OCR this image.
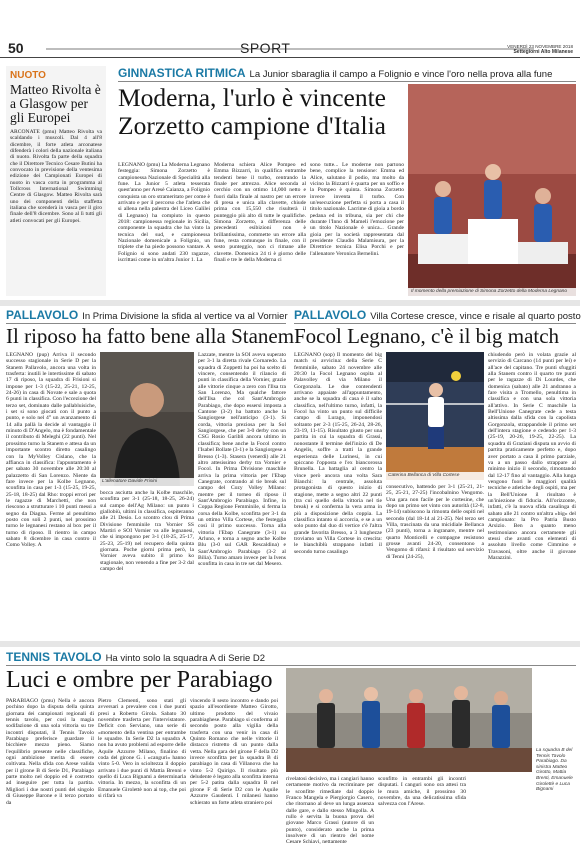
50	SPORT	VENERDÌ 23 NOVEMBRE 2018
Settegiorni Alto Milanese
NUOTO
Matteo Rivolta è a Glasgow per gli Europei
ARCONATE (pmu) Matteo Rivolta va scaldando i muscoli. Dal 4 all'8 dicembre, il forte atleta arconatese difenderà i colori della nazionale italiana di nuoto. Rivolta fa parte della squadra che il Direttore Tecnico Cesare Butini ha convocato in previsione della ventesima edizione dei Campionati Europei di nuoto in vasca corta in programma al Tollcross International Swimming Centre di Glasgow. Matteo Rivolta sarà uno dei componenti della staffetta italiana che scenderà in vasca per il giro finale dell'8 dicembre. Sono al lì tutti gli atleti convocati per gli Europei.
GINNASTICA RITMICA La Junior sbaraglia il campo a Folignio e vince l'oro nella prova alla fune
Moderna, l'urlo è vincente
Zorzetto campione d'Italia
LEGNANO (pmu) La Moderna Legnano festeggia: Simona Zorzetto è campionessa Nazionale di Specialità alla fune. La Junior 5 atleta tesserata quest'anno per Aresè Caianza, a Folignio conquista un oro strameritato per come è arrivato e per il percorso che l'atleta che si allena nella palestra del Liceo Galilei di Legnano) ha compiuto in questo 2018: campionessa regionale in Sicilia, componente la squadra che ha vinto la tecnica del sud, e campionessa Nazionale domenicale a Folignio, un triplete che ha piedo possono vantare. A Folignio si sono andati 230 ragazze, iscrittasi come in un'altra Junior 1. La
Moderna schiera Alice Pompeo ed Emma Bizzarri, in qualifica entrambe tendenti bene il turbo, centrando la finale per attrezzo. Alice seconda al cerchio con un ottimo 14,000 netto e fuori dalla finale al nastro per un errore di presa e unica alla clavette, chiude prima con 15,550 che risulterà il punteggio più alto di tutte le qualifiche. Simona Zorzetto, a differenza delle precedenti esibizioni non è brillantissima, commette un errore alla fune, resta comunque in finale, con il sesto punteggio, non ci rimane alle clavette. Domenica 24 ti è giorno delle finali e tre le della Moderna ci
sono tutte... Le moderne non partono bene, complice la tensione: Emma ed Alice, salutano il podio, ma molto da vicino la Bizzarri è quarta per un soffio e la Pompeo è quinta. Simona Zorzetto invece inventa il turbo. Con un'esecuzione perfetta si porta a casa il titolo nazionale. Lacrime di gioia a bordo pedana ed in tribuna, sia per chi che durante l'Inno di Mameli l'emozione per un titolo Nazionale è unica... Grande gioia per la società rappresentata dal presidente Claudio Malamisura, per la Direttrice tecnica Elisa Porchi e per l'allenatore Veronica Bernelini.
Il momento della premiazione di Simona Zorzetto della Moderna Legnano
PALLAVOLO In Prima Divisione la sfida al vertice va al Vornier
Il riposo ha fatto bene alla Stanem
LEGNANO (pup) Arriva il secondo successo stagionale in Serie D per la Stanem Pallavolo, ancora una volta in trasferta: inutili le intertissime di sabato 17 di riposo, la squadra di Frisioni si impone per 1-3 (15-22, 25-21, 12-25, 24-26) in casa di Novate e sale a quota 6 punti in classifica. Con l'eccezione del terzo set, dominato dalle pallabluisiche, i set si sono giocati con il punto a punto, e solo nel 4° un avanzamento di 14 alla pallà la decide al vantaggio il minuto di D'Angelo, ma è fondamentale il contributo di Meleghi (22 punti). Nel prossimo turno la Stanem e attesa da un importante scontro diretto casalingo con la MyVolley Cislano, che la affianca in classifica: l'appuntamento è per sabato 30 novembre alle 20:30 al palazzetto di San Lorenzo. Niente da fare invece per la Kolbe Legnano, sconfitta in casa per 1-3 (15-25, 19-25, 25-18, 18-25) dal Rho: troppi errori per le ragazze di Marchetti, che non riescono a strutturare i 10 punti messi a segno da Diagna. Ferme al penultimo posto con soli 2 punti, nel prossimo turno le legnanesi restano al box per il turno di riposo. Il rientro in campo sabato 8 dicembre in casa contro il Como Volley. A
L'allenatore Davide Frisini
bocca asciutta anche la Kolbe maschile, sconfitta per 3-1 (25-18, 18-25, 26-24) sul campo dell'Ag Milano: un punto i giallobiù, ultimi in classifica, ospiteranno alle 21 Desio. Lo scontro clou di Prima Divisione femminile tra Vornier SS Martiri e SOI Vornier va alle legnanesi, che si impongono per 3-1 (18-25, 25-17, 25-23, 25-19) nel recupero della quinta giornata. Poche giorni prima però, la Vornier aveva subito il primo ko stagionale, non venendo a fine per 3-2 dal campo del
Lazzate, mentre la SOI aveva superato per 3-1 la diretta rivale Cornaredo. La squadra di Zoppetti ha poi ha scelto di vincere, consentendo il rilancio di punti in classifica della Vornier, grazie alle vittorie cinque a zero con l'Ilsa tra San Lorenzo, Ma qualche fattore dell'Ilsa che col Sant'Ambrogio Parabiago, che dopo essersi imposta a Cantone (3-2) ha battuto anche la Sangiorgese nell'anticipo (3-1). Si corda, vittoria preziosa per la Sol Sangiorgese, che per 3-0 derby con un CSG Rosio Garibli ancora ultimo in classifica; bene anche la Focol contro l'Isabel Bollate (3-1) e la Sangiorgese a Bresso (1-3). Stasera (venerdì) alle 21 altro attesissimo derby tra Vornier e Focol. In Prima Divisione maschile arriva la prima vittoria per l'Ebap Canegrate, contrando al tie break sul campo del Cozy Volley Milano: mentre per il torneo di riposo il Sant'Ambrogio Parabiago. Infine, in Coppa Regione Femminile, si ferma la corsa della Kolbe, sconfitta per 3-1 da un ottimo Villa Cortese, che festeggia così il primo successo. Torna alla vittoria l'Ebap Canegrate (3-1) su Arluno, e torna a segno anche Kolbe Blu (3-0 sul GAR Rescaldina) e Sant'Ambrogio Parabiago (3-2 al Bilia). Turno amaro invece per la Ivens sconfitta in casa in tre set dal Mesero.
PALLAVOLO Villa Cortese cresce, vince e risale al quarto posto
Focol Legnano, c'è il big match
LEGNANO (sop) Il momento del big match si avvicina: della Serie C femminile, sabato 24 novembre alle 20:30 la Focol Legnano ospita al Palavolley di via Milano il Gorgonzola. Le due contendenti arrivano appaiate all'appuntamento, anche se la squadra di casa è il salto classifica, nell'ultimo turno, infatti, la Focol ha vinto un punto sul difficile campo di Lurago, imponendosi soltanto per 2-3 (15-25, 26-24, 28-26, 23-19, 11-15). Risultato giusto per una partita in cui la squadra di Grassi, nonostante il termine dell'inizio di De Angelis, soffre a tratti la grande esperienza delle Lurinesi, in cui spiccano l'opposta e l'ex biancorossa Brunella. La battaglia al centro la vince però ancora una volta Sara Bianchi: la centrale, assoluta protagonista di questo inizio di stagione, mette a segno altri 22 punti (tra cui quello della vittoria nel tie break) e si conferma la vera arma in più a disposizione della coppia. La classifica intanto si accorcia, e se a un solo punto dal duo di vertice c'è l'altra grande favorita Bresso, a 3 lunghezze troviamo un Villa Cortese in crescita: le bianchiblù strappano infatti il secondo turno casalingo
Caterina Bellanca di Villa Cortese
consecutivo, battendo per 3-1 (25-21, 21-25, 25-21, 27-25) l'incobalnino Vengomo. Una gara non facile per le cortesine, che dopo un primo set vinto con autorità (12-8, 19-14) subiscono la rimonta delle ospiti nel secondo (dal 18-14 al 21-25). Nel terzo set Villa, trascinata da una micidiale Bellanca (23 punti), torna a ingranare, mentre nel quarto Monticelli e compagne resistono grosse avanti 24-20, consentono a Vengomo di rifarsi: il risultato sul servizio di Tenni (24-25),
chiudendo però in volata grazie al servizio di Carcano (14 punti per lei) e all'ace del capitano. Tre punti sfuggiti alla Stanem contro il quarto tre punti per le ragazze di Di Lourdes, che domenica (sabato) alle 21 andranno a fare visita a Tromello, penultima in classifica e con una sola vittoria all'attivo. In Serie C maschile la Bell'Unione Canegrate cede a testa altissima dalla sfida con la capolista Gorgonzola, strappandole il primo set dell'intera stagione e cedendo per 1-3 (25-19, 20-26, 19-25, 22-25). La squadra di Graziani disputa un avvio di partita praticamente perfetto e, dopo aver portato a casa il primo parziale, va a un passo dallo strappare al minimo inizio il secondo, rimontando dal 12-17 fino al vantaggio. Alla lunga vengono fuori le maggiori qualità tecniche e atletiche degli ospiti, ma per la Bell'Unione il risultato è un'iniezione di fiducia. All'orizzonte, infatti, c'è la nuova sfida casalinga di sabato alle 21 contro un'altra «big» del campionato: la Pro Patria Busto Arsizio. Ben a quanto meno testimoniano ancora certamente gli stessi che avanti con elementi di assoluto livello come Cimmino e Travasoni, oltre anche il giovane Marazzini.
TENNIS TAVOLO Ha vinto solo la squadra A di Serie D2
Luci e ombre per Parabiago
PARABIAGO (pmu) Nella è ancora pochino dopo la disputa della quinta giornata dei campionati regionali di tennis tavolo, per così la magia sodifazione di una sola vittoria su tre incontri disputati, il Tennis Tavolo Parabiago preferisce guardare il bicchiere mezzo pieno. Siamo l'equilibrio presente nelle classifiche, ogni ambizione merita di essere coltivata. Nella sfida con Arese valida per il girone B di Serie D1, Parabiago parte molto nel doppio ed è costretto ad inseguire per tutta la partita. Migliori i due nostri punti del singolo di Giuseppe Barone e il terzo portato da
Pietro Clementi, sono stati gli avversari a prevalere con i due punti presi a Roberto Girola. Sabato 30 novembre trasferta per l'intervistatore. Deficit con Serviano, una serie di «momento della ventina per entrambe le squadre. In Serie D2 la squadra A non ha avuto problemi ad esporre delle Aquile Azzurre Milano, finalino di coda del girone G. i «canguri» hanno vinto 5-0. Vero in scioltezza il doppio arrivato i due punti di Mattia Brenni e quello di Luca Bignami a determinarla vittoria. In mezzo, la sconfitta di un Emanuele Girolettè non ai top, che poi si rifarà va
vincendo il sesto incontro e dando poi spazio all'esordiente Matteo Girotto, ultimo prodotto del vivaio parabiaghese. Parabiago si conferma al secondo posto alla vigilia della trasferta con una venir in casa di Quinto Romano che nelle vittorie il distacco ristretto di un punto dalla vetta. Nella gara del girone F della D2 invece sconfitta per la squadra B di parabiago in casa di Villanova che ha vinto 5-2 Quirigo. Il risultato più deludente è legato alla sconfitta interna per 5-2 patita dalla squadra B nel girone F di Serie D2 con le Aquile Azzurre Gaudenti. I milanesi hanno schierato un forte atleta straniero poi
La squadra B del Tennis Tavolo Parabiago. Da sinistra Matteo Girotto, Mattia Brenti, Emanuele Girolettè e Luca Bignami
rivelatosi decisivo, ma i cangiari hanno certamente motivo da recriminare per le sconfitte rimediate dal doppio Franco Mangela e Piergiorgio Casero, che ritornano al deve un lunga assenza dalle gare, e dallo stesso Mingolla. A rullo è servita la buona prova del giovane Marco Grassi (autore di un punto), considerato anche la prima insolvere di un rientro del nome Cesare Schiavi, nettamente
sconfitto in entrambi gli incontri disputati. I canguri sono ora attesi tra le mura amiche, il prossimo 30 novembre, da una delicatissima sfida salvezza con l'Arese.
